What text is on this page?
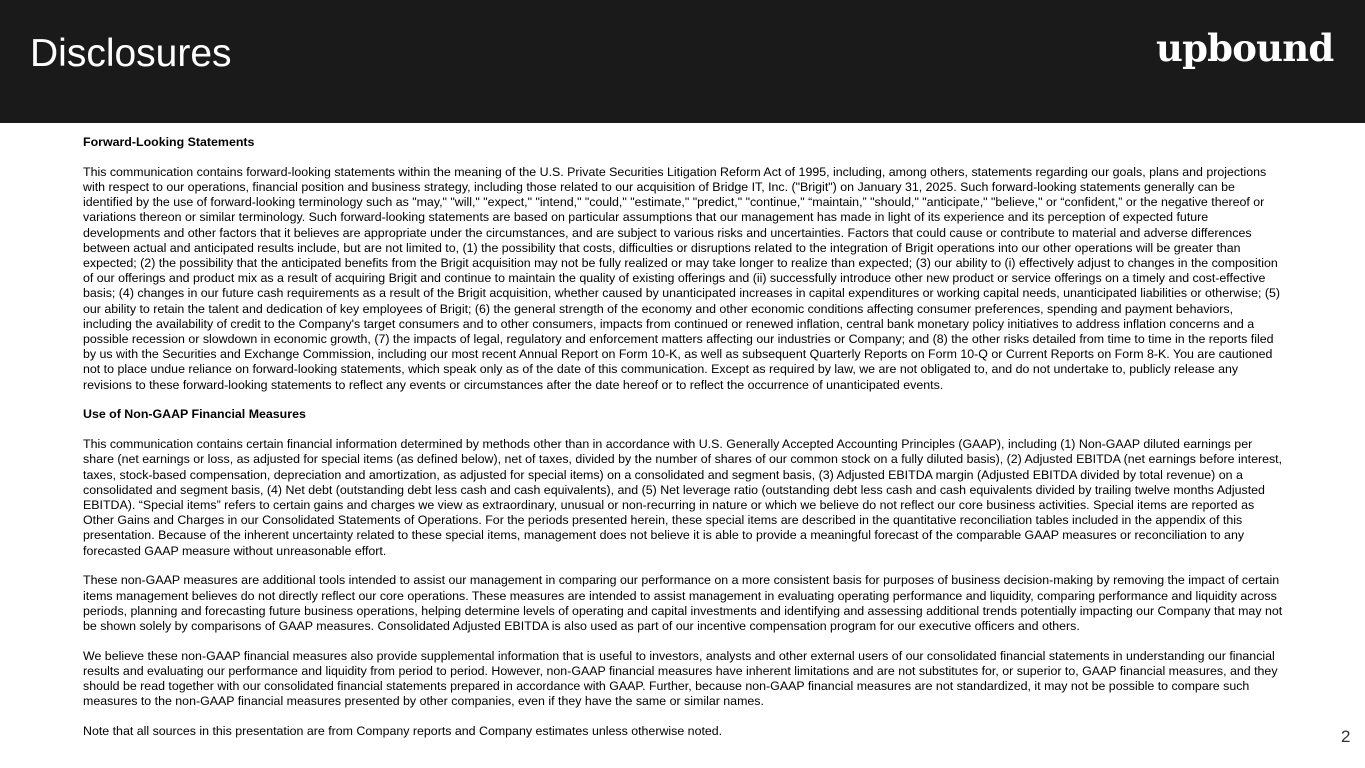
Disclosures	upbound
Forward-Looking Statements

This communication contains forward-looking statements within the meaning of the U.S. Private Securities Litigation Reform Act of 1995, including, among others, statements regarding our goals, plans and projections with respect to our operations, financial position and business strategy, including those related to our acquisition of Bridge IT, Inc. ("Brigit") on January 31, 2025. Such forward-looking statements generally can be identified by the use of forward-looking terminology such as "may," "will," "expect," "intend," "could," "estimate," "predict," "continue," “maintain,” "should," "anticipate," "believe," or “confident,” or the negative thereof or variations thereon or similar terminology. Such forward-looking statements are based on particular assumptions that our management has made in light of its experience and its perception of expected future developments and other factors that it believes are appropriate under the circumstances, and are subject to various risks and uncertainties. Factors that could cause or contribute to material and adverse differences between actual and anticipated results include, but are not limited to, (1) the possibility that costs, difficulties or disruptions related to the integration of Brigit operations into our other operations will be greater than expected; (2) the possibility that the anticipated benefits from the Brigit acquisition may not be fully realized or may take longer to realize than expected; (3) our ability to (i) effectively adjust to changes in the composition of our offerings and product mix as a result of acquiring Brigit and continue to maintain the quality of existing offerings and (ii) successfully introduce other new product or service offerings on a timely and cost-effective basis; (4) changes in our future cash requirements as a result of the Brigit acquisition, whether caused by unanticipated increases in capital expenditures or working capital needs, unanticipated liabilities or otherwise; (5) our ability to retain the talent and dedication of key employees of Brigit; (6) the general strength of the economy and other economic conditions affecting consumer preferences, spending and payment behaviors, including the availability of credit to the Company's target consumers and to other consumers, impacts from continued or renewed inflation, central bank monetary policy initiatives to address inflation concerns and a possible recession or slowdown in economic growth, (7) the impacts of legal, regulatory and enforcement matters affecting our industries or Company; and (8) the other risks detailed from time to time in the reports filed by us with the Securities and Exchange Commission, including our most recent Annual Report on Form 10-K, as well as subsequent Quarterly Reports on Form 10-Q or Current Reports on Form 8-K. You are cautioned not to place undue reliance on forward-looking statements, which speak only as of the date of this communication. Except as required by law, we are not obligated to, and do not undertake to, publicly release any revisions to these forward-looking statements to reflect any events or circumstances after the date hereof or to reflect the occurrence of unanticipated events.

Use of Non-GAAP Financial Measures

This communication contains certain financial information determined by methods other than in accordance with U.S. Generally Accepted Accounting Principles (GAAP), including (1) Non-GAAP diluted earnings per share (net earnings or loss, as adjusted for special items (as defined below), net of taxes, divided by the number of shares of our common stock on a fully diluted basis), (2) Adjusted EBITDA (net earnings before interest, taxes, stock-based compensation, depreciation and amortization, as adjusted for special items) on a consolidated and segment basis, (3) Adjusted EBITDA margin (Adjusted EBITDA divided by total revenue) on a consolidated and segment basis, (4) Net debt (outstanding debt less cash and cash equivalents), and (5) Net leverage ratio (outstanding debt less cash and cash equivalents divided by trailing twelve months Adjusted EBITDA). “Special items” refers to certain gains and charges we view as extraordinary, unusual or non-recurring in nature or which we believe do not reflect our core business activities. Special items are reported as Other Gains and Charges in our Consolidated Statements of Operations. For the periods presented herein, these special items are described in the quantitative reconciliation tables included in the appendix of this presentation. Because of the inherent uncertainty related to these special items, management does not believe it is able to provide a meaningful forecast of the comparable GAAP measures or reconciliation to any forecasted GAAP measure without unreasonable effort.

These non-GAAP measures are additional tools intended to assist our management in comparing our performance on a more consistent basis for purposes of business decision-making by removing the impact of certain items management believes do not directly reflect our core operations. These measures are intended to assist management in evaluating operating performance and liquidity, comparing performance and liquidity across periods, planning and forecasting future business operations, helping determine levels of operating and capital investments and identifying and assessing additional trends potentially impacting our Company that may not be shown solely by comparisons of GAAP measures. Consolidated Adjusted EBITDA is also used as part of our incentive compensation program for our executive officers and others.

We believe these non-GAAP financial measures also provide supplemental information that is useful to investors, analysts and other external users of our consolidated financial statements in understanding our financial results and evaluating our performance and liquidity from period to period. However, non-GAAP financial measures have inherent limitations and are not substitutes for, or superior to, GAAP financial measures, and they should be read together with our consolidated financial statements prepared in accordance with GAAP. Further, because non-GAAP financial measures are not standardized, it may not be possible to compare such measures to the non-GAAP financial measures presented by other companies, even if they have the same or similar names.

Note that all sources in this presentation are from Company reports and Company estimates unless otherwise noted.	2
